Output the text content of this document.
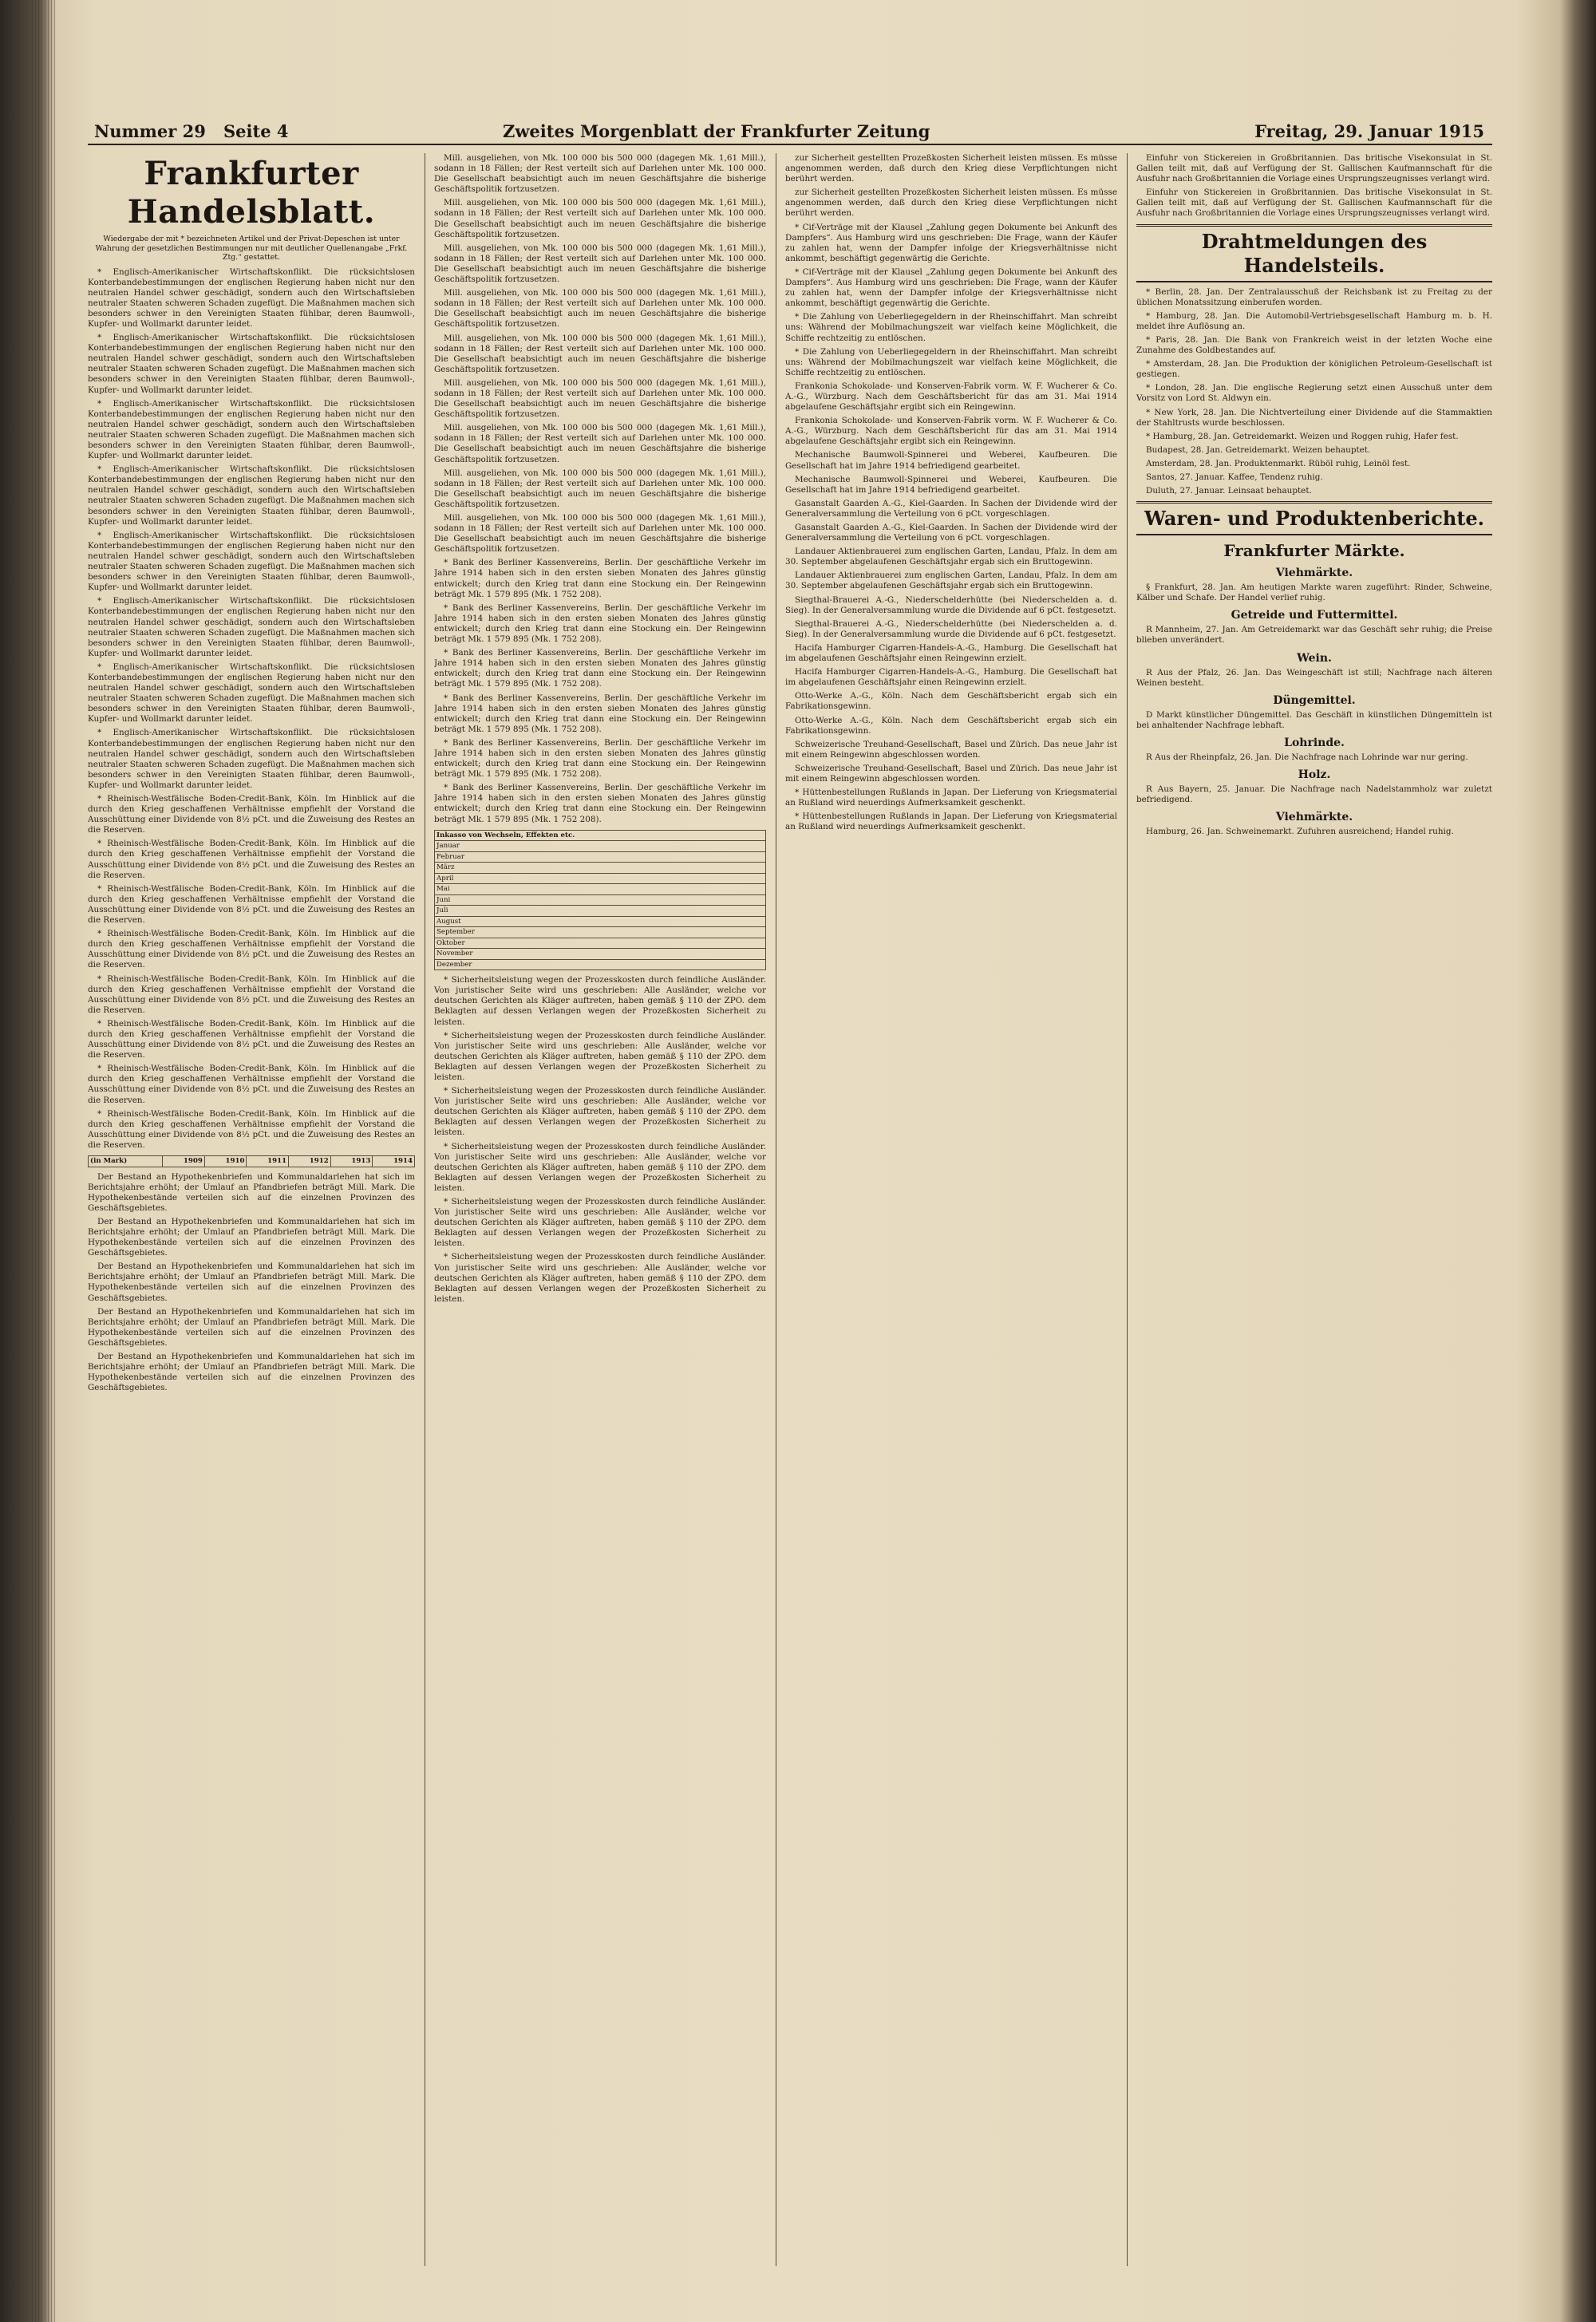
Nummer 29 Seite 4	Zweites Morgenblatt der Frankfurter Zeitung	Freitag, 29. Januar 1915
Frankfurter Handelsblatt.
Wiedergabe der mit * bezeichneten Artikel und der Privat-Depeschen ist unter Wahrung der gesetzlichen Bestimmungen nur mit deutlicher Quellenangabe „Frkf. Ztg.“ gestattet.

* Englisch-Amerikanischer Wirtschaftskonflikt. Die rücksichtslosen Konterbandebestimmungen der englischen Regierung haben nicht nur den neutralen Handel schwer geschädigt, sondern auch den Wirtschaftsleben neutraler Staaten schweren Schaden zugefügt. Die Maßnahmen machen sich besonders schwer in den Vereinigten Staaten fühlbar, deren Baumwoll-, Kupfer- und Wollmarkt darunter leidet.

* Englisch-Amerikanischer Wirtschaftskonflikt. Die rücksichtslosen Konterbandebestimmungen der englischen Regierung haben nicht nur den neutralen Handel schwer geschädigt, sondern auch den Wirtschaftsleben neutraler Staaten schweren Schaden zugefügt. Die Maßnahmen machen sich besonders schwer in den Vereinigten Staaten fühlbar, deren Baumwoll-, Kupfer- und Wollmarkt darunter leidet.

* Englisch-Amerikanischer Wirtschaftskonflikt. Die rücksichtslosen Konterbandebestimmungen der englischen Regierung haben nicht nur den neutralen Handel schwer geschädigt, sondern auch den Wirtschaftsleben neutraler Staaten schweren Schaden zugefügt. Die Maßnahmen machen sich besonders schwer in den Vereinigten Staaten fühlbar, deren Baumwoll-, Kupfer- und Wollmarkt darunter leidet.

* Englisch-Amerikanischer Wirtschaftskonflikt. Die rücksichtslosen Konterbandebestimmungen der englischen Regierung haben nicht nur den neutralen Handel schwer geschädigt, sondern auch den Wirtschaftsleben neutraler Staaten schweren Schaden zugefügt. Die Maßnahmen machen sich besonders schwer in den Vereinigten Staaten fühlbar, deren Baumwoll-, Kupfer- und Wollmarkt darunter leidet.

* Englisch-Amerikanischer Wirtschaftskonflikt. Die rücksichtslosen Konterbandebestimmungen der englischen Regierung haben nicht nur den neutralen Handel schwer geschädigt, sondern auch den Wirtschaftsleben neutraler Staaten schweren Schaden zugefügt. Die Maßnahmen machen sich besonders schwer in den Vereinigten Staaten fühlbar, deren Baumwoll-, Kupfer- und Wollmarkt darunter leidet.

* Englisch-Amerikanischer Wirtschaftskonflikt. Die rücksichtslosen Konterbandebestimmungen der englischen Regierung haben nicht nur den neutralen Handel schwer geschädigt, sondern auch den Wirtschaftsleben neutraler Staaten schweren Schaden zugefügt. Die Maßnahmen machen sich besonders schwer in den Vereinigten Staaten fühlbar, deren Baumwoll-, Kupfer- und Wollmarkt darunter leidet.

* Englisch-Amerikanischer Wirtschaftskonflikt. Die rücksichtslosen Konterbandebestimmungen der englischen Regierung haben nicht nur den neutralen Handel schwer geschädigt, sondern auch den Wirtschaftsleben neutraler Staaten schweren Schaden zugefügt. Die Maßnahmen machen sich besonders schwer in den Vereinigten Staaten fühlbar, deren Baumwoll-, Kupfer- und Wollmarkt darunter leidet.

* Englisch-Amerikanischer Wirtschaftskonflikt. Die rücksichtslosen Konterbandebestimmungen der englischen Regierung haben nicht nur den neutralen Handel schwer geschädigt, sondern auch den Wirtschaftsleben neutraler Staaten schweren Schaden zugefügt. Die Maßnahmen machen sich besonders schwer in den Vereinigten Staaten fühlbar, deren Baumwoll-, Kupfer- und Wollmarkt darunter leidet.

* Rheinisch-Westfälische Boden-Credit-Bank, Köln. Im Hinblick auf die durch den Krieg geschaffenen Verhältnisse empfiehlt der Vorstand die Ausschüttung einer Dividende von 8½ pCt. und die Zuweisung des Restes an die Reserven.

* Rheinisch-Westfälische Boden-Credit-Bank, Köln. Im Hinblick auf die durch den Krieg geschaffenen Verhältnisse empfiehlt der Vorstand die Ausschüttung einer Dividende von 8½ pCt. und die Zuweisung des Restes an die Reserven.

* Rheinisch-Westfälische Boden-Credit-Bank, Köln. Im Hinblick auf die durch den Krieg geschaffenen Verhältnisse empfiehlt der Vorstand die Ausschüttung einer Dividende von 8½ pCt. und die Zuweisung des Restes an die Reserven.

* Rheinisch-Westfälische Boden-Credit-Bank, Köln. Im Hinblick auf die durch den Krieg geschaffenen Verhältnisse empfiehlt der Vorstand die Ausschüttung einer Dividende von 8½ pCt. und die Zuweisung des Restes an die Reserven.

* Rheinisch-Westfälische Boden-Credit-Bank, Köln. Im Hinblick auf die durch den Krieg geschaffenen Verhältnisse empfiehlt der Vorstand die Ausschüttung einer Dividende von 8½ pCt. und die Zuweisung des Restes an die Reserven.

* Rheinisch-Westfälische Boden-Credit-Bank, Köln. Im Hinblick auf die durch den Krieg geschaffenen Verhältnisse empfiehlt der Vorstand die Ausschüttung einer Dividende von 8½ pCt. und die Zuweisung des Restes an die Reserven.

* Rheinisch-Westfälische Boden-Credit-Bank, Köln. Im Hinblick auf die durch den Krieg geschaffenen Verhältnisse empfiehlt der Vorstand die Ausschüttung einer Dividende von 8½ pCt. und die Zuweisung des Restes an die Reserven.

* Rheinisch-Westfälische Boden-Credit-Bank, Köln. Im Hinblick auf die durch den Krieg geschaffenen Verhältnisse empfiehlt der Vorstand die Ausschüttung einer Dividende von 8½ pCt. und die Zuweisung des Restes an die Reserven.

(in Mark)	1909	1910	1911	1912	1913	1914

Der Bestand an Hypothekenbriefen und Kommunaldarlehen hat sich im Berichtsjahre erhöht; der Umlauf an Pfandbriefen beträgt Mill. Mark. Die Hypothekenbestände verteilen sich auf die einzelnen Provinzen des Geschäftsgebietes.

Der Bestand an Hypothekenbriefen und Kommunaldarlehen hat sich im Berichtsjahre erhöht; der Umlauf an Pfandbriefen beträgt Mill. Mark. Die Hypothekenbestände verteilen sich auf die einzelnen Provinzen des Geschäftsgebietes.

Der Bestand an Hypothekenbriefen und Kommunaldarlehen hat sich im Berichtsjahre erhöht; der Umlauf an Pfandbriefen beträgt Mill. Mark. Die Hypothekenbestände verteilen sich auf die einzelnen Provinzen des Geschäftsgebietes.

Der Bestand an Hypothekenbriefen und Kommunaldarlehen hat sich im Berichtsjahre erhöht; der Umlauf an Pfandbriefen beträgt Mill. Mark. Die Hypothekenbestände verteilen sich auf die einzelnen Provinzen des Geschäftsgebietes.

Der Bestand an Hypothekenbriefen und Kommunaldarlehen hat sich im Berichtsjahre erhöht; der Umlauf an Pfandbriefen beträgt Mill. Mark. Die Hypothekenbestände verteilen sich auf die einzelnen Provinzen des Geschäftsgebietes.

Mill. ausgeliehen, von Mk. 100 000 bis 500 000 (dagegen Mk. 1,61 Mill.), sodann in 18 Fällen; der Rest verteilt sich auf Darlehen unter Mk. 100 000. Die Gesellschaft beabsichtigt auch im neuen Geschäftsjahre die bisherige Geschäftspolitik fortzusetzen.

Mill. ausgeliehen, von Mk. 100 000 bis 500 000 (dagegen Mk. 1,61 Mill.), sodann in 18 Fällen; der Rest verteilt sich auf Darlehen unter Mk. 100 000. Die Gesellschaft beabsichtigt auch im neuen Geschäftsjahre die bisherige Geschäftspolitik fortzusetzen.

Mill. ausgeliehen, von Mk. 100 000 bis 500 000 (dagegen Mk. 1,61 Mill.), sodann in 18 Fällen; der Rest verteilt sich auf Darlehen unter Mk. 100 000. Die Gesellschaft beabsichtigt auch im neuen Geschäftsjahre die bisherige Geschäftspolitik fortzusetzen.

Mill. ausgeliehen, von Mk. 100 000 bis 500 000 (dagegen Mk. 1,61 Mill.), sodann in 18 Fällen; der Rest verteilt sich auf Darlehen unter Mk. 100 000. Die Gesellschaft beabsichtigt auch im neuen Geschäftsjahre die bisherige Geschäftspolitik fortzusetzen.

Mill. ausgeliehen, von Mk. 100 000 bis 500 000 (dagegen Mk. 1,61 Mill.), sodann in 18 Fällen; der Rest verteilt sich auf Darlehen unter Mk. 100 000. Die Gesellschaft beabsichtigt auch im neuen Geschäftsjahre die bisherige Geschäftspolitik fortzusetzen.

Mill. ausgeliehen, von Mk. 100 000 bis 500 000 (dagegen Mk. 1,61 Mill.), sodann in 18 Fällen; der Rest verteilt sich auf Darlehen unter Mk. 100 000. Die Gesellschaft beabsichtigt auch im neuen Geschäftsjahre die bisherige Geschäftspolitik fortzusetzen.

Mill. ausgeliehen, von Mk. 100 000 bis 500 000 (dagegen Mk. 1,61 Mill.), sodann in 18 Fällen; der Rest verteilt sich auf Darlehen unter Mk. 100 000. Die Gesellschaft beabsichtigt auch im neuen Geschäftsjahre die bisherige Geschäftspolitik fortzusetzen.

Mill. ausgeliehen, von Mk. 100 000 bis 500 000 (dagegen Mk. 1,61 Mill.), sodann in 18 Fällen; der Rest verteilt sich auf Darlehen unter Mk. 100 000. Die Gesellschaft beabsichtigt auch im neuen Geschäftsjahre die bisherige Geschäftspolitik fortzusetzen.

Mill. ausgeliehen, von Mk. 100 000 bis 500 000 (dagegen Mk. 1,61 Mill.), sodann in 18 Fällen; der Rest verteilt sich auf Darlehen unter Mk. 100 000. Die Gesellschaft beabsichtigt auch im neuen Geschäftsjahre die bisherige Geschäftspolitik fortzusetzen.

* Bank des Berliner Kassenvereins, Berlin. Der geschäftliche Verkehr im Jahre 1914 haben sich in den ersten sieben Monaten des Jahres günstig entwickelt; durch den Krieg trat dann eine Stockung ein. Der Reingewinn beträgt Mk. 1 579 895 (Mk. 1 752 208).

* Bank des Berliner Kassenvereins, Berlin. Der geschäftliche Verkehr im Jahre 1914 haben sich in den ersten sieben Monaten des Jahres günstig entwickelt; durch den Krieg trat dann eine Stockung ein. Der Reingewinn beträgt Mk. 1 579 895 (Mk. 1 752 208).

* Bank des Berliner Kassenvereins, Berlin. Der geschäftliche Verkehr im Jahre 1914 haben sich in den ersten sieben Monaten des Jahres günstig entwickelt; durch den Krieg trat dann eine Stockung ein. Der Reingewinn beträgt Mk. 1 579 895 (Mk. 1 752 208).

* Bank des Berliner Kassenvereins, Berlin. Der geschäftliche Verkehr im Jahre 1914 haben sich in den ersten sieben Monaten des Jahres günstig entwickelt; durch den Krieg trat dann eine Stockung ein. Der Reingewinn beträgt Mk. 1 579 895 (Mk. 1 752 208).

* Bank des Berliner Kassenvereins, Berlin. Der geschäftliche Verkehr im Jahre 1914 haben sich in den ersten sieben Monaten des Jahres günstig entwickelt; durch den Krieg trat dann eine Stockung ein. Der Reingewinn beträgt Mk. 1 579 895 (Mk. 1 752 208).

* Bank des Berliner Kassenvereins, Berlin. Der geschäftliche Verkehr im Jahre 1914 haben sich in den ersten sieben Monaten des Jahres günstig entwickelt; durch den Krieg trat dann eine Stockung ein. Der Reingewinn beträgt Mk. 1 579 895 (Mk. 1 752 208).

Inkasso von Wechseln, Effekten etc.
Januar
Februar
März
April
Mai
Juni
Juli
August
September
Oktober
November
Dezember

* Sicherheitsleistung wegen der Prozesskosten durch feindliche Ausländer. Von juristischer Seite wird uns geschrieben: Alle Ausländer, welche vor deutschen Gerichten als Kläger auftreten, haben gemäß § 110 der ZPO. dem Beklagten auf dessen Verlangen wegen der Prozeßkosten Sicherheit zu leisten.

* Sicherheitsleistung wegen der Prozesskosten durch feindliche Ausländer. Von juristischer Seite wird uns geschrieben: Alle Ausländer, welche vor deutschen Gerichten als Kläger auftreten, haben gemäß § 110 der ZPO. dem Beklagten auf dessen Verlangen wegen der Prozeßkosten Sicherheit zu leisten.

* Sicherheitsleistung wegen der Prozesskosten durch feindliche Ausländer. Von juristischer Seite wird uns geschrieben: Alle Ausländer, welche vor deutschen Gerichten als Kläger auftreten, haben gemäß § 110 der ZPO. dem Beklagten auf dessen Verlangen wegen der Prozeßkosten Sicherheit zu leisten.

* Sicherheitsleistung wegen der Prozesskosten durch feindliche Ausländer. Von juristischer Seite wird uns geschrieben: Alle Ausländer, welche vor deutschen Gerichten als Kläger auftreten, haben gemäß § 110 der ZPO. dem Beklagten auf dessen Verlangen wegen der Prozeßkosten Sicherheit zu leisten.

* Sicherheitsleistung wegen der Prozesskosten durch feindliche Ausländer. Von juristischer Seite wird uns geschrieben: Alle Ausländer, welche vor deutschen Gerichten als Kläger auftreten, haben gemäß § 110 der ZPO. dem Beklagten auf dessen Verlangen wegen der Prozeßkosten Sicherheit zu leisten.

* Sicherheitsleistung wegen der Prozesskosten durch feindliche Ausländer. Von juristischer Seite wird uns geschrieben: Alle Ausländer, welche vor deutschen Gerichten als Kläger auftreten, haben gemäß § 110 der ZPO. dem Beklagten auf dessen Verlangen wegen der Prozeßkosten Sicherheit zu leisten.

zur Sicherheit gestellten Prozeßkosten Sicherheit leisten müssen. Es müsse angenommen werden, daß durch den Krieg diese Verpflichtungen nicht berührt werden.

zur Sicherheit gestellten Prozeßkosten Sicherheit leisten müssen. Es müsse angenommen werden, daß durch den Krieg diese Verpflichtungen nicht berührt werden.

* Cif-Verträge mit der Klausel „Zahlung gegen Dokumente bei Ankunft des Dampfers“. Aus Hamburg wird uns geschrieben: Die Frage, wann der Käufer zu zahlen hat, wenn der Dampfer infolge der Kriegsverhältnisse nicht ankommt, beschäftigt gegenwärtig die Gerichte.

* Cif-Verträge mit der Klausel „Zahlung gegen Dokumente bei Ankunft des Dampfers“. Aus Hamburg wird uns geschrieben: Die Frage, wann der Käufer zu zahlen hat, wenn der Dampfer infolge der Kriegsverhältnisse nicht ankommt, beschäftigt gegenwärtig die Gerichte.

* Die Zahlung von Ueberliegegeldern in der Rheinschiffahrt. Man schreibt uns: Während der Mobilmachungszeit war vielfach keine Möglichkeit, die Schiffe rechtzeitig zu entlöschen.

* Die Zahlung von Ueberliegegeldern in der Rheinschiffahrt. Man schreibt uns: Während der Mobilmachungszeit war vielfach keine Möglichkeit, die Schiffe rechtzeitig zu entlöschen.

Frankonia Schokolade- und Konserven-Fabrik vorm. W. F. Wucherer & Co. A.-G., Würzburg. Nach dem Geschäftsbericht für das am 31. Mai 1914 abgelaufene Geschäftsjahr ergibt sich ein Reingewinn.

Frankonia Schokolade- und Konserven-Fabrik vorm. W. F. Wucherer & Co. A.-G., Würzburg. Nach dem Geschäftsbericht für das am 31. Mai 1914 abgelaufene Geschäftsjahr ergibt sich ein Reingewinn.

Mechanische Baumwoll-Spinnerei und Weberei, Kaufbeuren. Die Gesellschaft hat im Jahre 1914 befriedigend gearbeitet.

Mechanische Baumwoll-Spinnerei und Weberei, Kaufbeuren. Die Gesellschaft hat im Jahre 1914 befriedigend gearbeitet.

Gasanstalt Gaarden A.-G., Kiel-Gaarden. In Sachen der Dividende wird der Generalversammlung die Verteilung von 6 pCt. vorgeschlagen.

Gasanstalt Gaarden A.-G., Kiel-Gaarden. In Sachen der Dividende wird der Generalversammlung die Verteilung von 6 pCt. vorgeschlagen.

Landauer Aktienbrauerei zum englischen Garten, Landau, Pfalz. In dem am 30. September abgelaufenen Geschäftsjahr ergab sich ein Bruttogewinn.

Landauer Aktienbrauerei zum englischen Garten, Landau, Pfalz. In dem am 30. September abgelaufenen Geschäftsjahr ergab sich ein Bruttogewinn.

Siegthal-Brauerei A.-G., Niederschelderhütte (bei Niederschelden a. d. Sieg). In der Generalversammlung wurde die Dividende auf 6 pCt. festgesetzt.

Siegthal-Brauerei A.-G., Niederschelderhütte (bei Niederschelden a. d. Sieg). In der Generalversammlung wurde die Dividende auf 6 pCt. festgesetzt.

Hacifa Hamburger Cigarren-Handels-A.-G., Hamburg. Die Gesellschaft hat im abgelaufenen Geschäftsjahr einen Reingewinn erzielt.

Hacifa Hamburger Cigarren-Handels-A.-G., Hamburg. Die Gesellschaft hat im abgelaufenen Geschäftsjahr einen Reingewinn erzielt.

Otto-Werke A.-G., Köln. Nach dem Geschäftsbericht ergab sich ein Fabrikationsgewinn.

Otto-Werke A.-G., Köln. Nach dem Geschäftsbericht ergab sich ein Fabrikationsgewinn.

Schweizerische Treuhand-Gesellschaft, Basel und Zürich. Das neue Jahr ist mit einem Reingewinn abgeschlossen worden.

Schweizerische Treuhand-Gesellschaft, Basel und Zürich. Das neue Jahr ist mit einem Reingewinn abgeschlossen worden.

* Hüttenbestellungen Rußlands in Japan. Der Lieferung von Kriegsmaterial an Rußland wird neuerdings Aufmerksamkeit geschenkt.

* Hüttenbestellungen Rußlands in Japan. Der Lieferung von Kriegsmaterial an Rußland wird neuerdings Aufmerksamkeit geschenkt.

Einfuhr von Stickereien in Großbritannien. Das britische Visekonsulat in St. Gallen teilt mit, daß auf Verfügung der St. Gallischen Kaufmannschaft für die Ausfuhr nach Großbritannien die Vorlage eines Ursprungszeugnisses verlangt wird.

Einfuhr von Stickereien in Großbritannien. Das britische Visekonsulat in St. Gallen teilt mit, daß auf Verfügung der St. Gallischen Kaufmannschaft für die Ausfuhr nach Großbritannien die Vorlage eines Ursprungszeugnisses verlangt wird.

Drahtmeldungen des Handelsteils.

* Berlin, 28. Jan. Der Zentralausschuß der Reichsbank ist zu Freitag zu der üblichen Monatssitzung einberufen worden.

* Hamburg, 28. Jan. Die Automobil-Vertriebsgesellschaft Hamburg m. b. H. meldet ihre Auflösung an.

* Paris, 28. Jan. Die Bank von Frankreich weist in der letzten Woche eine Zunahme des Goldbestandes auf.

* Amsterdam, 28. Jan. Die Produktion der königlichen Petroleum-Gesellschaft ist gestiegen.

* London, 28. Jan. Die englische Regierung setzt einen Ausschuß unter dem Vorsitz von Lord St. Aldwyn ein.

* New York, 28. Jan. Die Nichtverteilung einer Dividende auf die Stammaktien der Stahltrusts wurde beschlossen.

* Hamburg, 28. Jan. Getreidemarkt. Weizen und Roggen ruhig, Hafer fest.

Budapest, 28. Jan. Getreidemarkt. Weizen behauptet.

Amsterdam, 28. Jan. Produktenmarkt. Rüböl ruhig, Leinöl fest.

Santos, 27. Januar. Kaffee, Tendenz ruhig.

Duluth, 27. Januar. Leinsaat behauptet.

Waren- und Produktenberichte.
Frankfurter Märkte.
Viehmärkte.

§ Frankfurt, 28. Jan. Am heutigen Markte waren zugeführt: Rinder, Schweine, Kälber und Schafe. Der Handel verlief ruhig.

Getreide und Futtermittel.

R Mannheim, 27. Jan. Am Getreidemarkt war das Geschäft sehr ruhig; die Preise blieben unverändert.

Wein.

R Aus der Pfalz, 26. Jan. Das Weingeschäft ist still; Nachfrage nach älteren Weinen besteht.

Düngemittel.

D Markt künstlicher Düngemittel. Das Geschäft in künstlichen Düngemitteln ist bei anhaltender Nachfrage lebhaft.

Lohrinde.

R Aus der Rheinpfalz, 26. Jan. Die Nachfrage nach Lohrinde war nur gering.

Holz.

R Aus Bayern, 25. Januar. Die Nachfrage nach Nadelstammholz war zuletzt befriedigend.

Viehmärkte.

Hamburg, 26. Jan. Schweinemarkt. Zufuhren ausreichend; Handel ruhig.
